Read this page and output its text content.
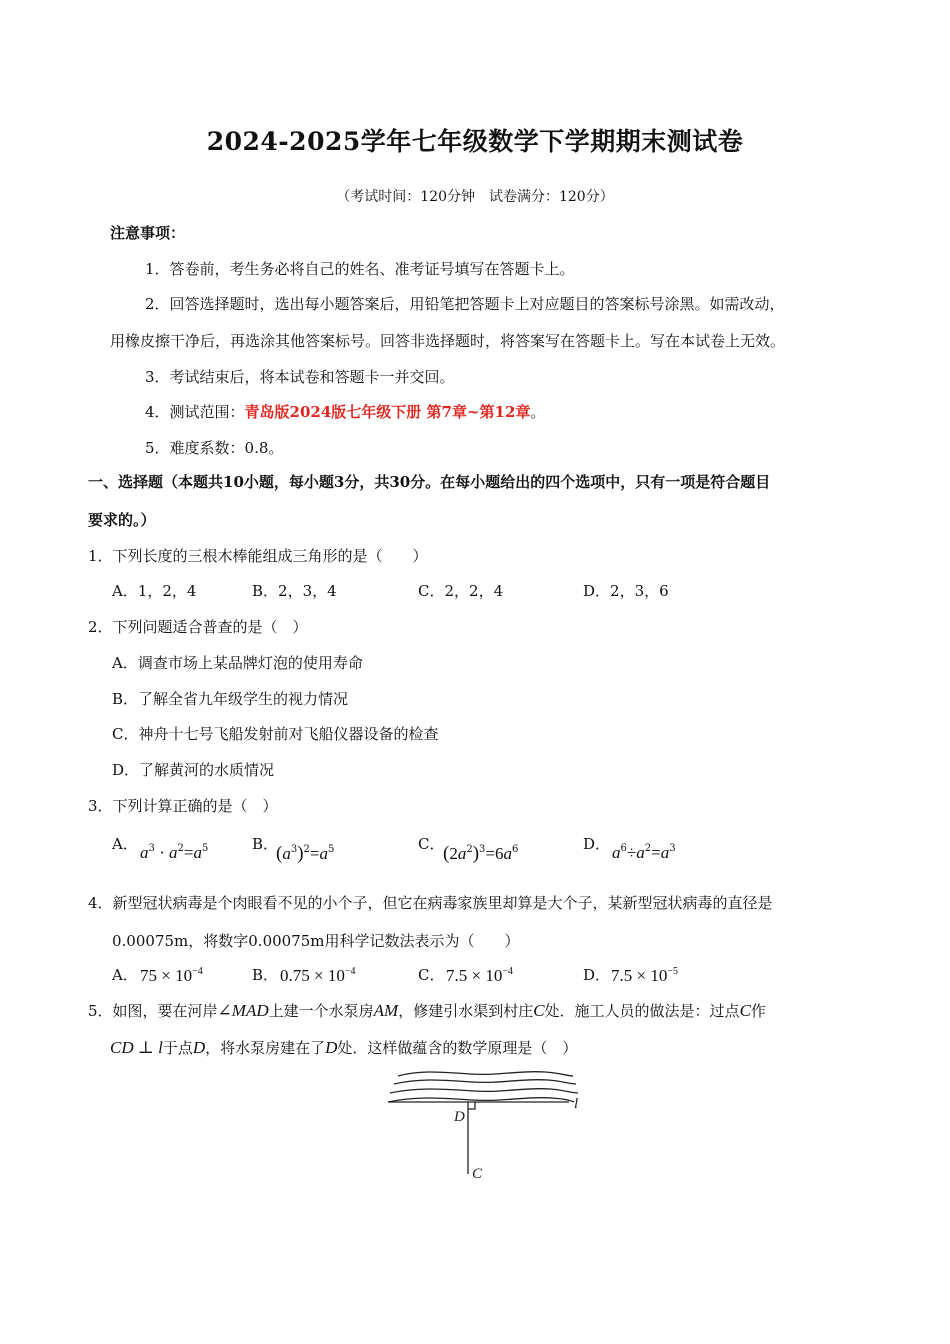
2024-2025学年七年级数学下学期期末测试卷
（考试时间：120分钟　试卷满分：120分）
注意事项：
1．答卷前，考生务必将自己的姓名、准考证号填写在答题卡上。
2．回答选择题时，选出每小题答案后，用铅笔把答题卡上对应题目的答案标号涂黑。如需改动，
用橡皮擦干净后，再选涂其他答案标号。回答非选择题时，将答案写在答题卡上。写在本试卷上无效。
3．考试结束后，将本试卷和答题卡一并交回。
4．测试范围：青岛版2024版七年级下册 第7章~第12章。
5．难度系数：0.8。
一、选择题（本题共10小题，每小题3分，共30分。在每小题给出的四个选项中，只有一项是符合题目
要求的。）
1．下列长度的三根木棒能组成三角形的是（　　）
A．1，2，4	B．2，3，4	C．2，2，4	D．2，3，6
2．下列问题适合普查的是（　）
A．调查市场上某品牌灯泡的使用寿命
B．了解全省九年级学生的视力情况
C．神舟十七号飞船发射前对飞船仪器设备的检查
D．了解黄河的水质情况
3．下列计算正确的是（　）
A． $a^3 \cdot a^2=a^5$	B．
$(a^3)^2=a^5$	C．
$(2a^2)^3=6a^6$	D． $a^6\div a^2=a^3$
4．新型冠状病毒是个肉眼看不见的小个子，但它在病毒家族里却算是大个子，某新型冠状病毒的直径是
0.00075m，将数字0.00075m用科学记数法表示为（　　）
A． $75 \times 10^{-4}$	B． $0.75 \times 10^{-4}$	C． $7.5 \times 10^{-4}$	D． $7.5 \times 10^{-5}$
5．如图，要在河岸∠MAD上建一个水泵房AM，修建引水渠到村庄C处．施工人员的做法是：过点C作
CD ⊥ l于点D，将水泵房建在了D处．这样做蕴含的数学原理是（　）
D
l
C
